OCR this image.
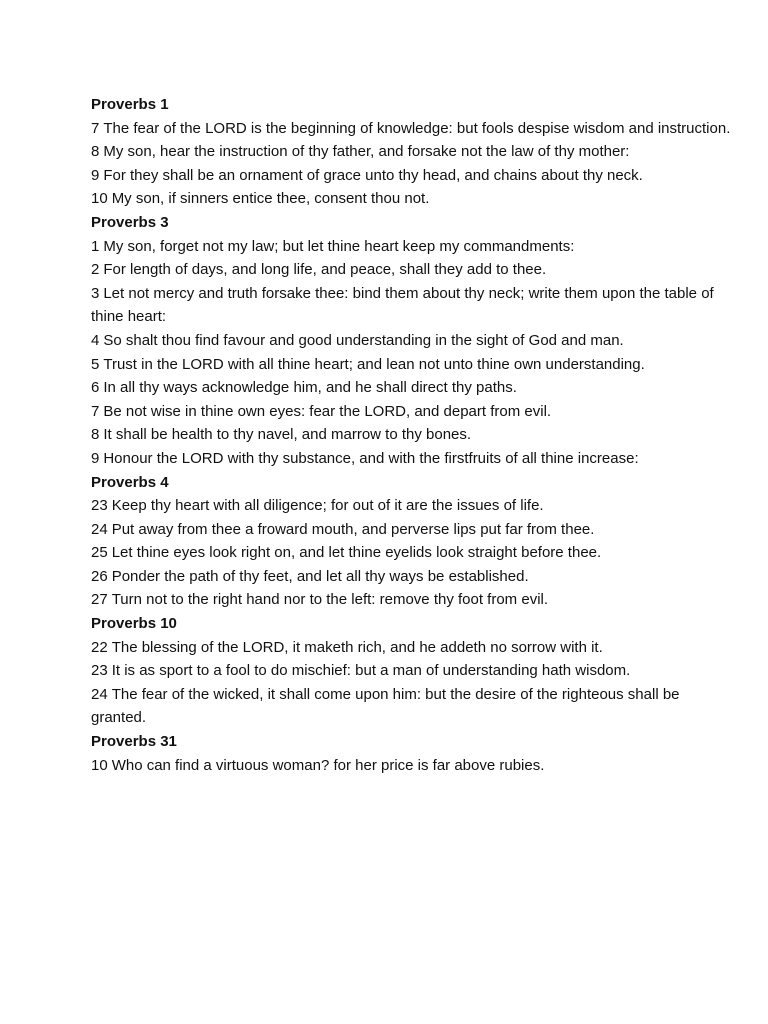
Proverbs 1

7 The fear of the LORD is the beginning of knowledge: but fools despise wisdom and instruction.

8 My son, hear the instruction of thy father, and forsake not the law of thy mother:

9 For they shall be an ornament of grace unto thy head, and chains about thy neck.

10 My son, if sinners entice thee, consent thou not.

Proverbs 3

1 My son, forget not my law; but let thine heart keep my commandments:

2 For length of days, and long life, and peace, shall they add to thee.

3 Let not mercy and truth forsake thee: bind them about thy neck; write them upon the table of thine heart:

4 So shalt thou find favour and good understanding in the sight of God and man.

5 Trust in the LORD with all thine heart; and lean not unto thine own understanding.

6 In all thy ways acknowledge him, and he shall direct thy paths.

7 Be not wise in thine own eyes: fear the LORD, and depart from evil.

8 It shall be health to thy navel, and marrow to thy bones.

9 Honour the LORD with thy substance, and with the firstfruits of all thine increase:

Proverbs 4

23 Keep thy heart with all diligence; for out of it are the issues of life.

24 Put away from thee a froward mouth, and perverse lips put far from thee.

25 Let thine eyes look right on, and let thine eyelids look straight before thee.

26 Ponder the path of thy feet, and let all thy ways be established.

27 Turn not to the right hand nor to the left: remove thy foot from evil.

Proverbs 10

22 The blessing of the LORD, it maketh rich, and he addeth no sorrow with it.

23 It is as sport to a fool to do mischief: but a man of understanding hath wisdom.

24 The fear of the wicked, it shall come upon him: but the desire of the righteous shall be granted.

Proverbs 31

10 Who can find a virtuous woman? for her price is far above rubies.
